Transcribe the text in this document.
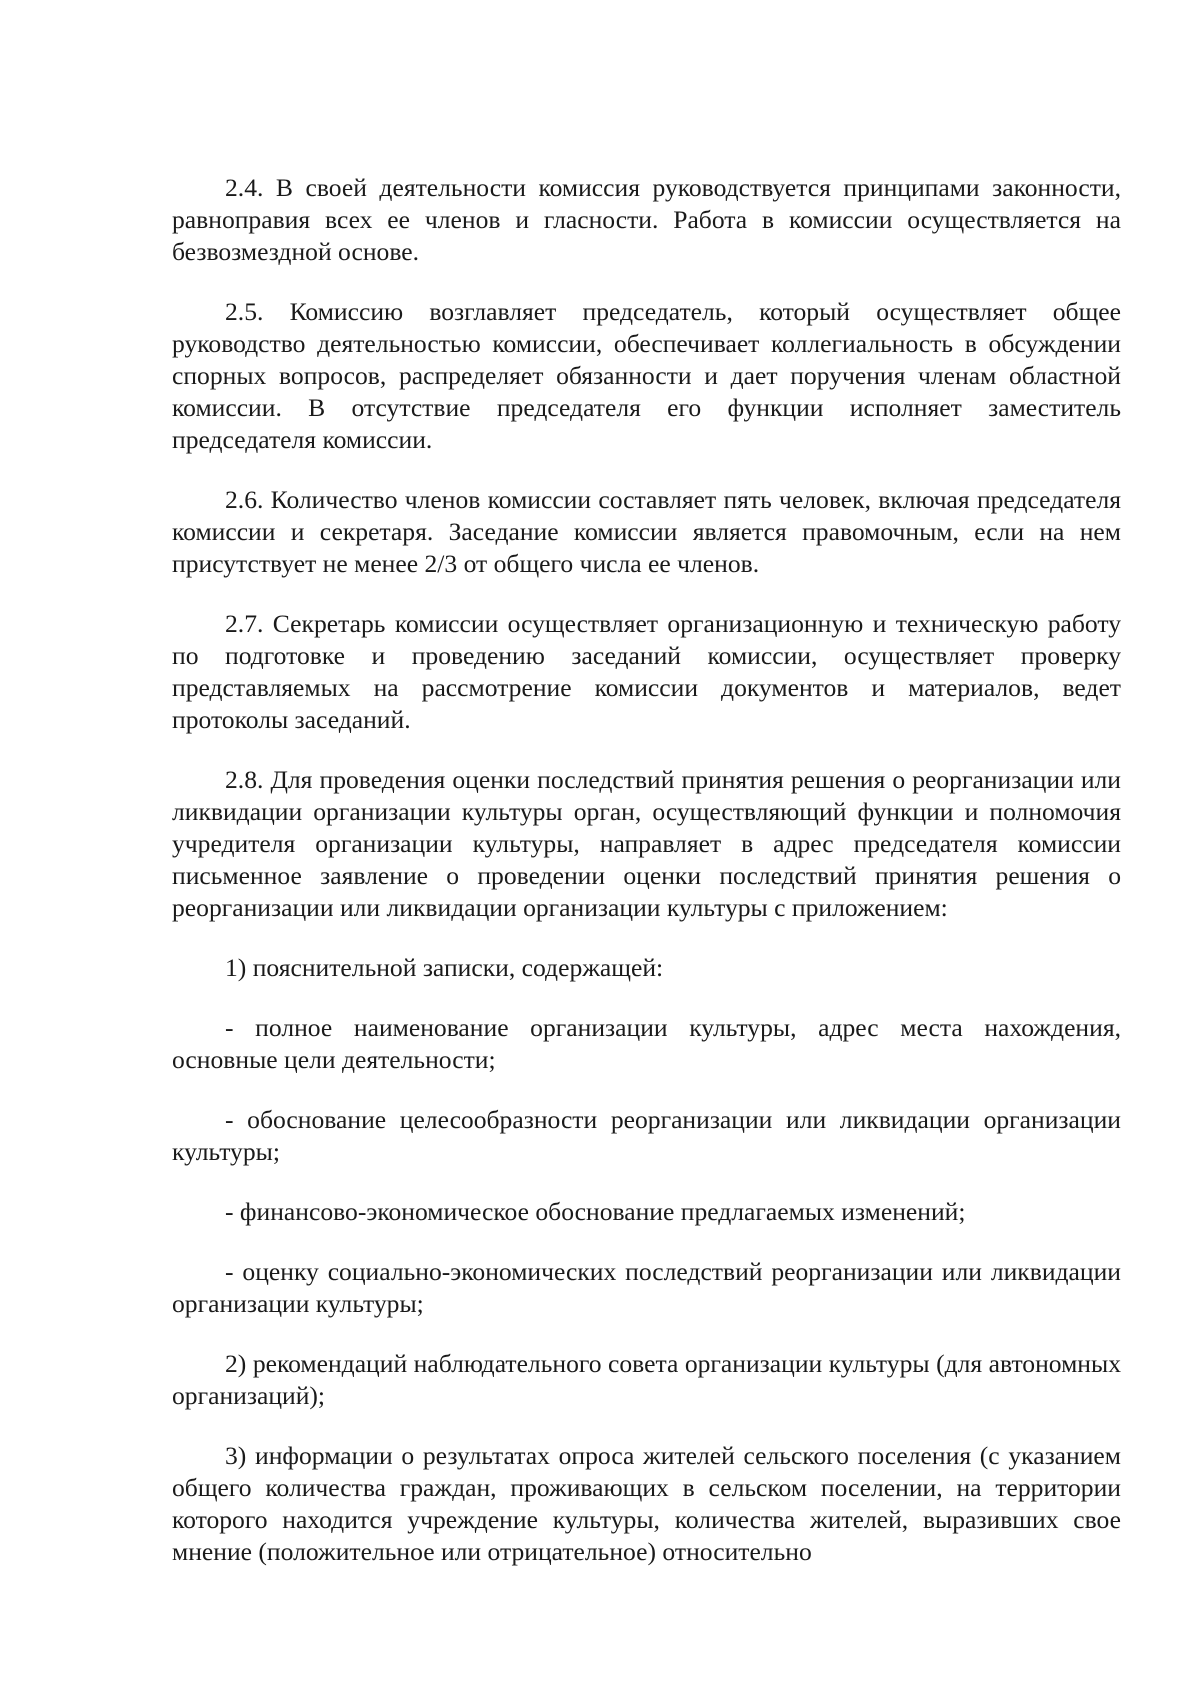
2.4. В своей деятельности комиссия руководствуется принципами законности, равноправия всех ее членов и гласности. Работа в комиссии осуществляется на безвозмездной основе.

2.5. Комиссию возглавляет председатель, который осуществляет общее руководство деятельностью комиссии, обеспечивает коллегиальность в обсуждении спорных вопросов, распределяет обязанности и дает поручения членам областной комиссии. В отсутствие председателя его функции исполняет заместитель председателя комиссии.

2.6. Количество членов комиссии составляет пять человек, включая председателя комиссии и секретаря. Заседание комиссии является правомочным, если на нем присутствует не менее 2/3 от общего числа ее членов.

2.7. Секретарь комиссии осуществляет организационную и техническую работу по подготовке и проведению заседаний комиссии, осуществляет проверку представляемых на рассмотрение комиссии документов и материалов, ведет протоколы заседаний.

2.8. Для проведения оценки последствий принятия решения о реорганизации или ликвидации организации культуры орган, осуществляющий функции и полномочия учредителя организации культуры, направляет в адрес председателя комиссии письменное заявление о проведении оценки последствий принятия решения о реорганизации или ликвидации организации культуры с приложением:

1) пояснительной записки, содержащей:

- полное наименование организации культуры, адрес места нахождения, основные цели деятельности;

- обоснование целесообразности реорганизации или ликвидации организации культуры;

- финансово-экономическое обоснование предлагаемых изменений;

- оценку социально-экономических последствий реорганизации или ликвидации организации культуры;

2) рекомендаций наблюдательного совета организации культуры (для автономных организаций);

3) информации о результатах опроса жителей сельского поселения (с указанием общего количества граждан, проживающих в сельском поселении, на территории которого находится учреждение культуры, количества жителей, выразивших свое мнение (положительное или отрицательное) относительно
